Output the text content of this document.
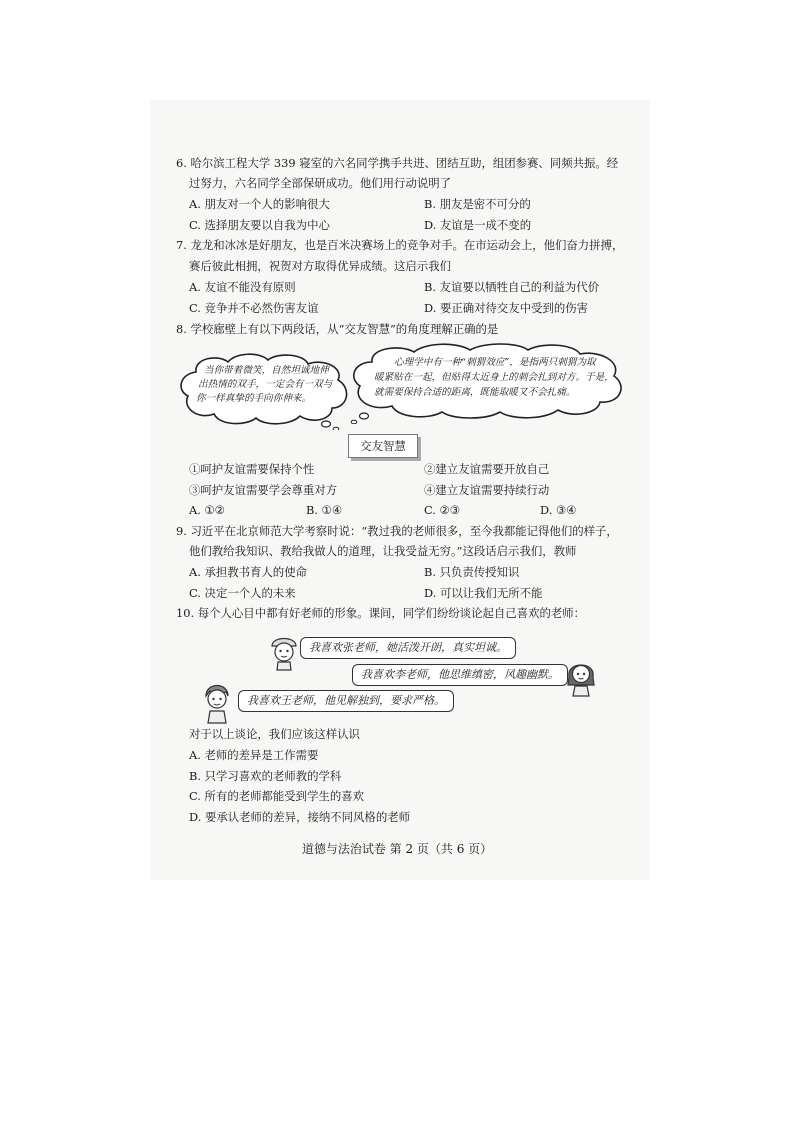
6. 哈尔滨工程大学 339 寝室的六名同学携手共进、团结互助，组团参赛、同频共振。经
过努力，六名同学全部保研成功。他们用行动说明了
A. 朋友对一个人的影响很大	B. 朋友是密不可分的
C. 选择朋友要以自我为中心	D. 友谊是一成不变的
7. 龙龙和冰冰是好朋友，也是百米决赛场上的竞争对手。在市运动会上，他们奋力拼搏，
赛后彼此相拥，祝贺对方取得优异成绩。这启示我们
A. 友谊不能没有原则	B. 友谊要以牺牲自己的利益为代价
C. 竞争并不必然伤害友谊	D. 要正确对待交友中受到的伤害
8. 学校廊壁上有以下两段话，从“交友智慧”的角度理解正确的是
当你带着微笑，自然坦诚地伸
出热情的双手，一定会有一双与
你一样真挚的手向你伸来。
心理学中有一种“刺猬效应”，是指两只刺猬为取
暖紧贴在一起，但贴得太近身上的刺会扎到对方。于是，
就需要保持合适的距离，既能取暖又不会扎痛。
交友智慧
①呵护友谊需要保持个性	②建立友谊需要开放自己
③呵护友谊需要学会尊重对方	④建立友谊需要持续行动
A. ①②	B. ①④	C. ②③	D. ③④
9. 习近平在北京师范大学考察时说：“教过我的老师很多，至今我都能记得他们的样子，
他们教给我知识、教给我做人的道理，让我受益无穷。”这段话启示我们，教师
A. 承担教书育人的使命	B. 只负责传授知识
C. 决定一个人的未来	D. 可以让我们无所不能
10. 每个人心目中都有好老师的形象。课间，同学们纷纷谈论起自己喜欢的老师：
我喜欢张老师，她活泼开朗，真实坦诚。
我喜欢李老师，他思维缜密，风趣幽默。
我喜欢王老师，他见解独到，要求严格。
对于以上谈论，我们应该这样认识
A. 老师的差异是工作需要
B. 只学习喜欢的老师教的学科
C. 所有的老师都能受到学生的喜欢
D. 要承认老师的差异，接纳不同风格的老师
道德与法治试卷 第 2 页（共 6 页）
